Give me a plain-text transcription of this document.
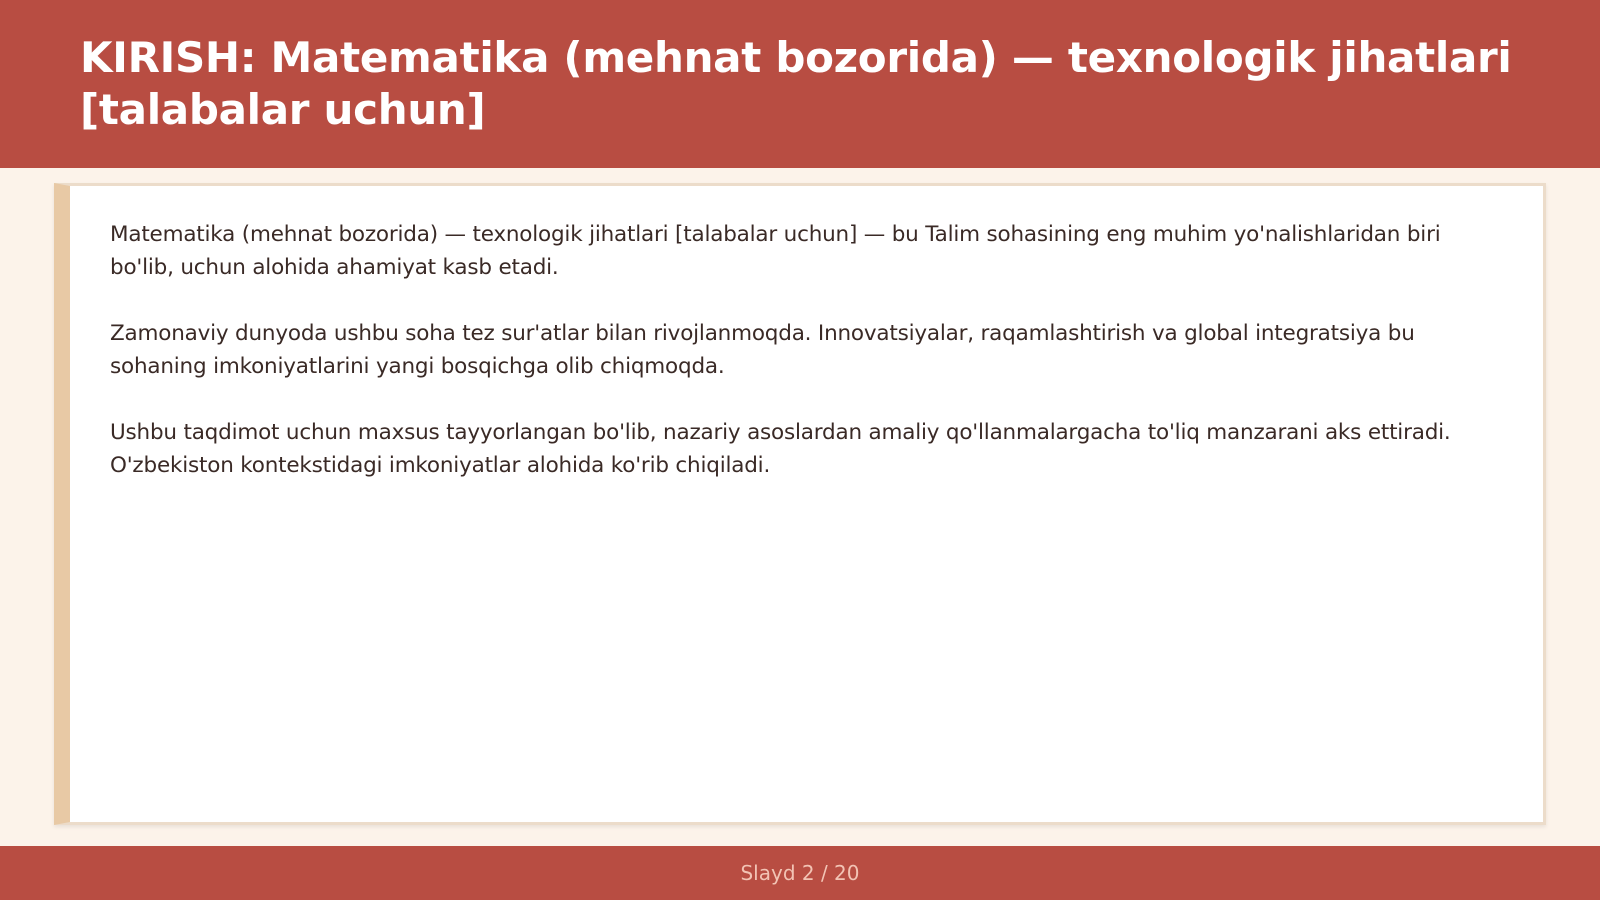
KIRISH: Matematika (mehnat bozorida) — texnologik jihatlari [talabalar uchun]

Matematika (mehnat bozorida) — texnologik jihatlari [talabalar uchun] — bu Talim sohasining eng muhim yo'nalishlaridan biri bo'lib, uchun alohida ahamiyat kasb etadi.

Zamonaviy dunyoda ushbu soha tez sur'atlar bilan rivojlanmoqda. Innovatsiyalar, raqamlashtirish va global integratsiya bu sohaning imkoniyatlarini yangi bosqichga olib chiqmoqda.

Ushbu taqdimot uchun maxsus tayyorlangan bo'lib, nazariy asoslardan amaliy qo'llanmalargacha to'liq manzarani aks ettiradi. O'zbekiston kontekstidagi imkoniyatlar alohida ko'rib chiqiladi.

Slayd 2 / 20
